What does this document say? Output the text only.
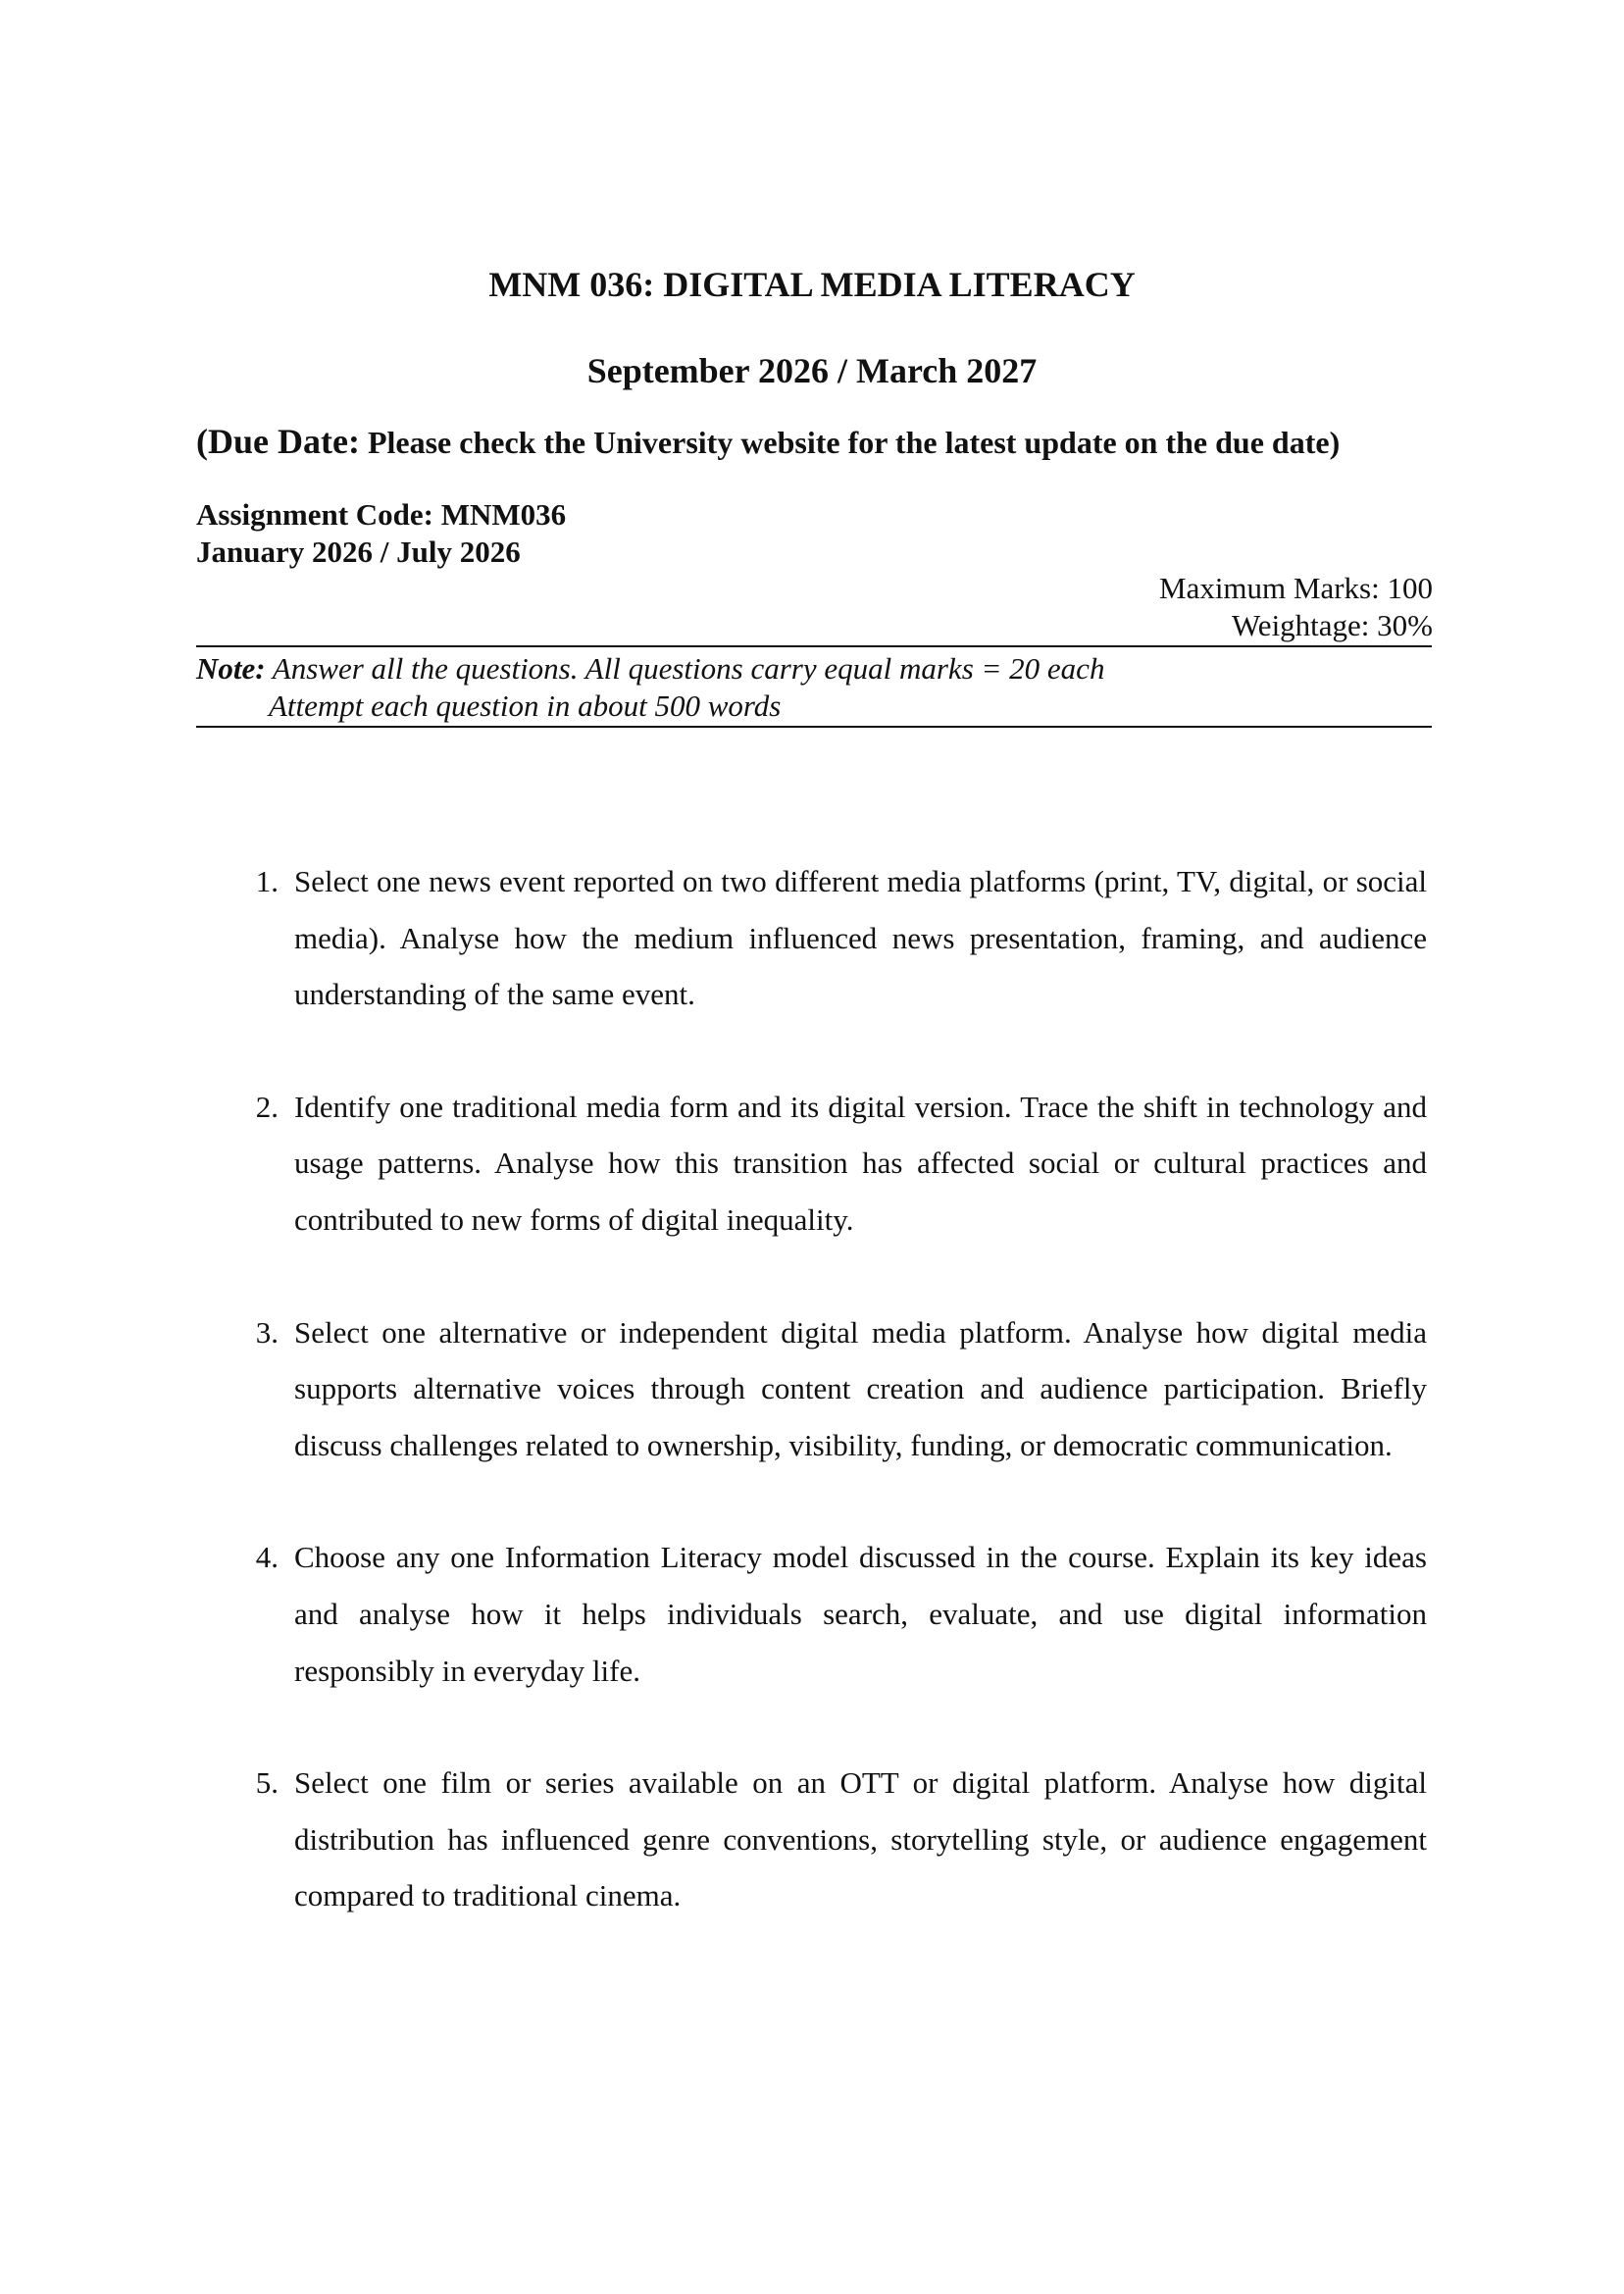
MNM 036: DIGITAL MEDIA LITERACY
September 2026 / March 2027
(Due Date: Please check the University website for the latest update on the due date)
Assignment Code: MNM036
January 2026 / July 2026
Maximum Marks: 100
Weightage: 30%
Note: Answer all the questions. All questions carry equal marks = 20 each
Attempt each question in about 500 words
1. Select one news event reported on two different media platforms (print, TV, digital, or social media). Analyse how the medium influenced news presentation, framing, and audience understanding of the same event.
2. Identify one traditional media form and its digital version. Trace the shift in technology and usage patterns. Analyse how this transition has affected social or cultural practices and contributed to new forms of digital inequality.
3. Select one alternative or independent digital media platform. Analyse how digital media supports alternative voices through content creation and audience participation. Briefly discuss challenges related to ownership, visibility, funding, or democratic communication.
4. Choose any one Information Literacy model discussed in the course. Explain its key ideas and analyse how it helps individuals search, evaluate, and use digital information responsibly in everyday life.
5. Select one film or series available on an OTT or digital platform. Analyse how digital distribution has influenced genre conventions, storytelling style, or audience engagement compared to traditional cinema.
